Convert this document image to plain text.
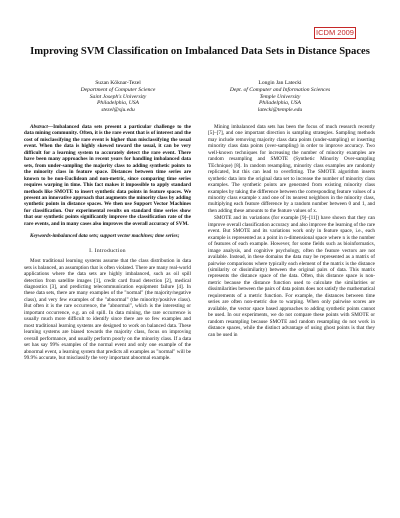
ICDM 2009
Improving SVM Classification on Imbalanced Data Sets in Distance Spaces
Suzan Köknar-Tezel
Department of Computer Science
Saint Joseph's University
Philadelphia, USA
stezel@sju.edu
Longin Jan Latecki
Dept. of Computer and Information Sciences
Temple University
Philadelphia, USA
latecki@temple.edu

Abstract—Imbalanced data sets present a particular challenge to the data mining community. Often, it is the rare event that is of interest and the cost of misclassifying the rare event is higher than misclassifying the usual event. When the data is highly skewed toward the usual, it can be very difficult for a learning system to accurately detect the rare event. There have been many approaches in recent years for handling imbalanced data sets, from under-sampling the majority class to adding synthetic points to the minority class in feature space. Distances between time series are known to be non-Euclidean and non-metric, since comparing time series requires warping in time. This fact makes it impossible to apply standard methods like SMOTE to insert synthetic data points in feature spaces. We present an innovative approach that augments the minority class by adding synthetic points in distance spaces. We then use Support Vector Machines for classification. Our experimental results on standard time series show that our synthetic points significantly improve the classification rate of the rare events, and in many cases also improves the overall accuracy of SVM.

Keywords-imbalanced data sets; support vector machines; time series;

I. Introduction

Most traditional learning systems assume that the class distribution in data sets is balanced, an assumption that is often violated. There are many real-world applications where the data sets are highly imbalanced, such as oil spill detection from satellite images [1], credit card fraud detection [2], medical diagnostics [3], and predicting telecommunication equipment failure [4]. In these data sets, there are many examples of the "normal" (the majority/negative class), and very few examples of the "abnormal" (the minority/positive class). But often it is the rare occurrence, the "abnormal", which is the interesting or important occurrence, e.g. an oil spill. In data mining, the rare occurrence is usually much more difficult to identify since there are so few examples and most traditional learning systems are designed to work on balanced data. These learning systems are biased towards the majority class, focus on improving overall performance, and usually perform poorly on the minority class. If a data set has say 99% examples of the normal event and only one example of the abnormal event, a learning system that predicts all examples as "normal" will be 99.9% accurate, but misclassify the very important abnormal example.

Mining imbalanced data sets has been the focus of much research recently [5]–[7], and one important direction is sampling strategies. Sampling methods may include removing majority class data points (under-sampling) or inserting minority class data points (over-sampling) in order to improve accuracy. Two well-known techniques for increasing the number of minority examples are random resampling and SMOTE (Synthetic Minority Over-sampling TEchnique) [8]. In random resampling, minority class examples are randomly replicated, but this can lead to overfitting. The SMOTE algorithm inserts synthetic data into the original data set to increase the number of minority class examples. The synthetic points are generated from existing minority class examples by taking the difference between the corresponding feature values of a minority class example x and one of its nearest neighbors in the minority class, multiplying each feature difference by a random number between 0 and 1, and then adding these amounts to the feature values of x.

SMOTE and its variations (for example [9]–[11]) have shown that they can improve overall classification accuracy and also improve the learning of the rare event. But SMOTE and its variations work only in feature space, i.e., each example is represented as a point in n-dimensional space where n is the number of features of each example. However, for some fields such as bioinformatics, image analysis, and cognitive psychology, often the feature vectors are not available. Instead, in these domains the data may be represented as a matrix of pairwise comparisons where typically each element of the matrix is the distance (similarity or dissimilarity) between the original pairs of data. This matrix represents the distance space of the data. Often, this distance space is non-metric because the distance function used to calculate the similarities or dissimilarities between the pairs of data points does not satisfy the mathematical requirements of a metric function. For example, the distances between time series are often non-metric due to warping. When only pairwise scores are available, the vector space based approaches to adding synthetic points cannot be used. In our experiments, we do not compare these points with SMOTE or random resampling because SMOTE and random resampling do not work in distance spaces, while the distinct advantage of using ghost points is that they can be used in
